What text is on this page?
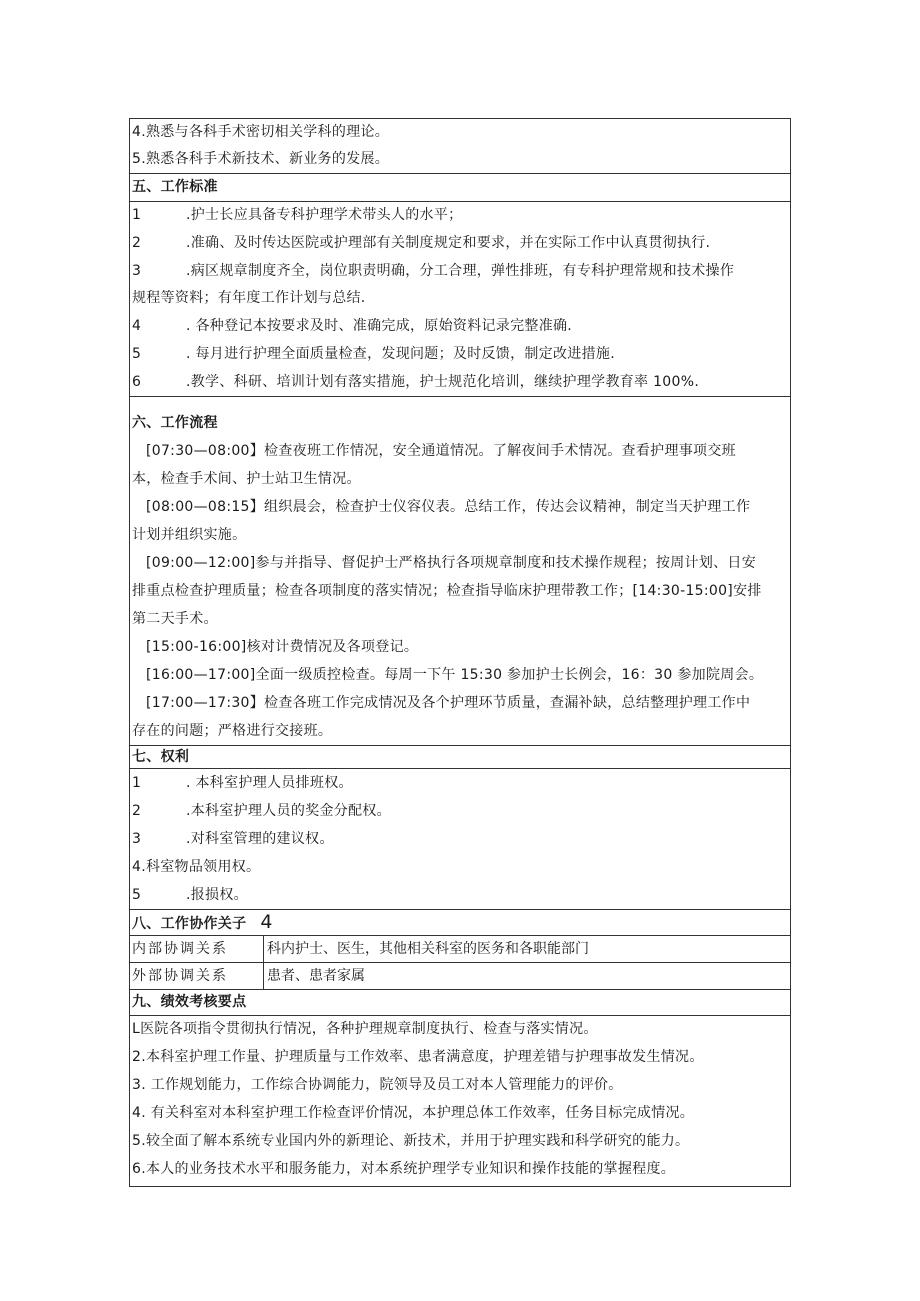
4.熟悉与各科手术密切相关学科的理论。
5.熟悉各科手术新技术、新业务的发展。
五、工作标准
1	.护士长应具备专科护理学术带头人的水平；
2	.准确、及时传达医院或护理部有关制度规定和要求，并在实际工作中认真贯彻执行.
3	.病区规章制度齐全，岗位职责明确，分工合理，弹性排班，有专科护理常规和技术操作
规程等资料；有年度工作计划与总结.
4	. 各种登记本按要求及时、准确完成，原始资料记录完整准确.
5	. 每月进行护理全面质量检查，发现问题；及时反馈，制定改进措施.
6	.教学、科研、培训计划有落实措施，护士规范化培训，继续护理学教育率 100%.
六、工作流程
[07:30—08:00】检查夜班工作情况，安全通道情况。了解夜间手术情况。查看护理事项交班
本，检查手术间、护士站卫生情况。
[08:00—08:15】组织晨会，检查护士仪容仪表。总结工作，传达会议精神，制定当天护理工作
计划并组织实施。
[09:00—12:00]参与并指导、督促护士严格执行各项规章制度和技术操作规程；按周计划、日安
排重点检查护理质量；检查各项制度的落实情况；检查指导临床护理带教工作；[14:30-15:00]安排
第二天手术。
[15:00-16:00]核对计费情况及各项登记。
[16:00—17:00]全面一级质控检查。每周一下午 15:30 参加护士长例会，16：30 参加院周会。
[17:00—17:30】检查各班工作完成情况及各个护理环节质量，查漏补缺，总结整理护理工作中
存在的问题；严格进行交接班。
七、权利
1	. 本科室护理人员排班权。
2	.本科室护理人员的奖金分配权。
3	.对科室管理的建议权。
4.科室物品领用权。
5	.报损权。
八、工作协作关子 4
内部协调关系	科内护士、医生，其他相关科室的医务和各职能部门
外部协调关系	患者、患者家属
九、绩效考核要点
L医院各项指令贯彻执行情况，各种护理规章制度执行、检查与落实情况。
2.本科室护理工作量、护理质量与工作效率、患者满意度，护理差错与护理事故发生情况。
3. 工作规划能力，工作综合协调能力，院领导及员工对本人管理能力的评价。
4. 有关科室对本科室护理工作检查评价情况，本护理总体工作效率，任务目标完成情况。
5.较全面了解本系统专业国内外的新理论、新技术，并用于护理实践和科学研究的能力。
6.本人的业务技术水平和服务能力，对本系统护理学专业知识和操作技能的掌握程度。
